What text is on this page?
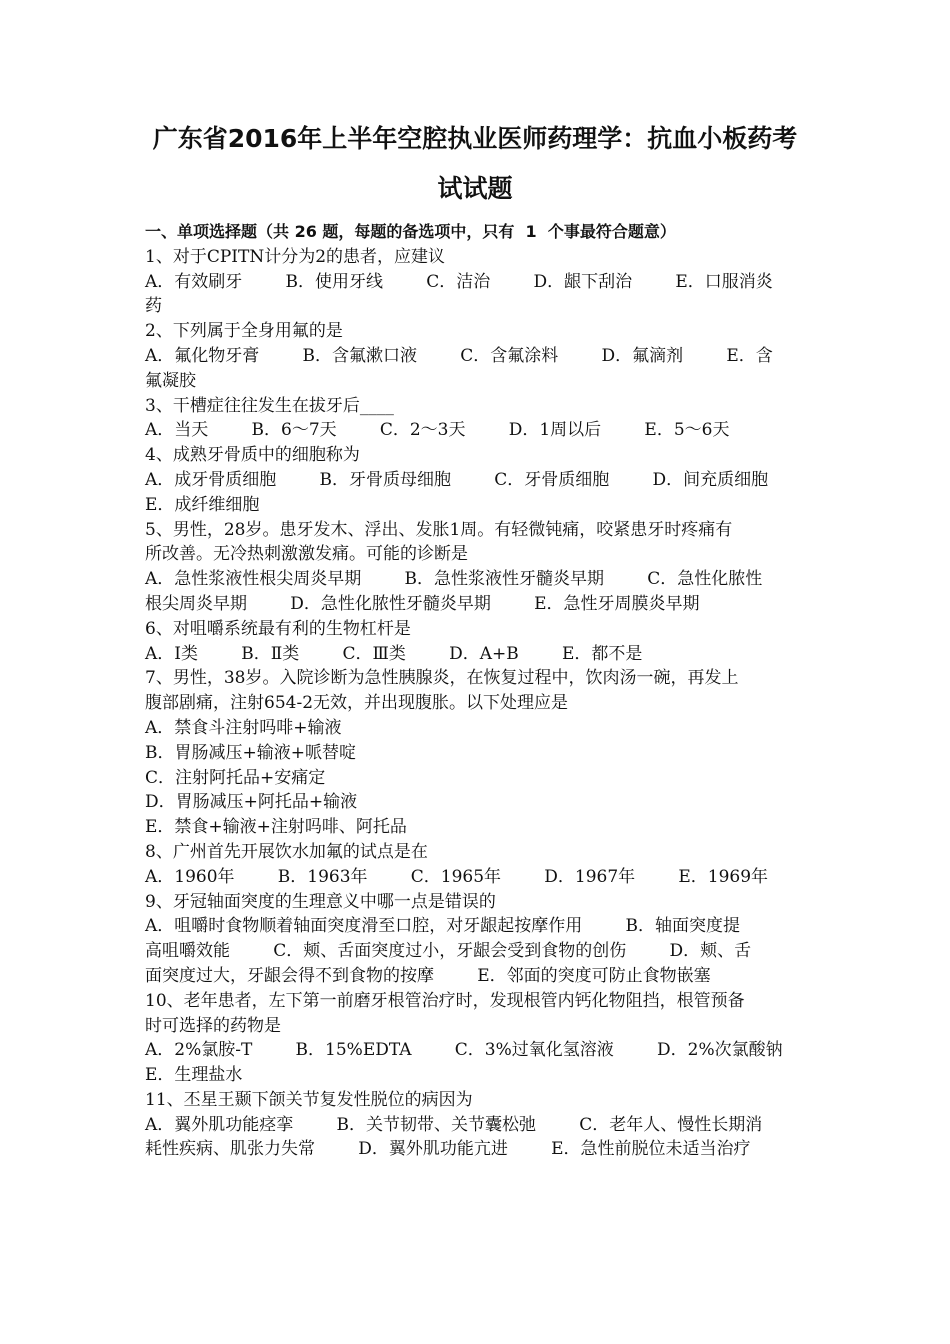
广东省2016年上半年空腔执业医师药理学：抗血小板药考
试试题
一、单项选择题（共 26 题，每题的备选项中，只有  1  个事最符合题意）
1、对于CPITN计分为2的患者，应建议
A．有效刷牙        B．使用牙线        C．洁治        D．龈下刮治        E．口服消炎
药
2、下列属于全身用氟的是
A．氟化物牙膏        B．含氟漱口液        C．含氟涂料        D．氟滴剂        E．含
氟凝胶
3、干槽症往往发生在拔牙后____
A．当天        B．6～7天        C．2～3天        D．1周以后        E．5～6天
4、成熟牙骨质中的细胞称为
A．成牙骨质细胞        B．牙骨质母细胞        C．牙骨质细胞        D．间充质细胞
E．成纤维细胞
5、男性，28岁。患牙发木、浮出、发胀1周。有轻微钝痛，咬紧患牙时疼痛有
所改善。无冷热刺激激发痛。可能的诊断是
A．急性浆液性根尖周炎早期        B．急性浆液性牙髓炎早期        C．急性化脓性
根尖周炎早期        D．急性化脓性牙髓炎早期        E．急性牙周膜炎早期
6、对咀嚼系统最有利的生物杠杆是
A．Ⅰ类        B．Ⅱ类        C．Ⅲ类        D．A+B        E．都不是
7、男性，38岁。入院诊断为急性胰腺炎，在恢复过程中，饮肉汤一碗，再发上
腹部剧痛，注射654-2无效，并出现腹胀。以下处理应是
A．禁食斗注射吗啡+输液
B．胃肠减压+输液+哌替啶
C．注射阿托品+安痛定
D．胃肠减压+阿托品+输液
E．禁食+输液+注射吗啡、阿托品
8、广州首先开展饮水加氟的试点是在
A．1960年        B．1963年        C．1965年        D．1967年        E．1969年
9、牙冠轴面突度的生理意义中哪一点是错误的
A．咀嚼时食物顺着轴面突度滑至口腔，对牙龈起按摩作用        B．轴面突度提
高咀嚼效能        C．颊、舌面突度过小，牙龈会受到食物的创伤        D．颊、舌
面突度过大，牙龈会得不到食物的按摩        E．邻面的突度可防止食物嵌塞
10、老年患者，左下第一前磨牙根管治疗时，发现根管内钙化物阻挡，根管预备
时可选择的药物是
A．2%氯胺-T        B．15%EDTA        C．3%过氧化氢溶液        D．2%次氯酸钠
E．生理盐水
11、丕星王颞下颌关节复发性脱位的病因为
A．翼外肌功能痉挛        B．关节韧带、关节囊松弛        C．老年人、慢性长期消
耗性疾病、肌张力失常        D．翼外肌功能亢进        E．急性前脱位未适当治疗
